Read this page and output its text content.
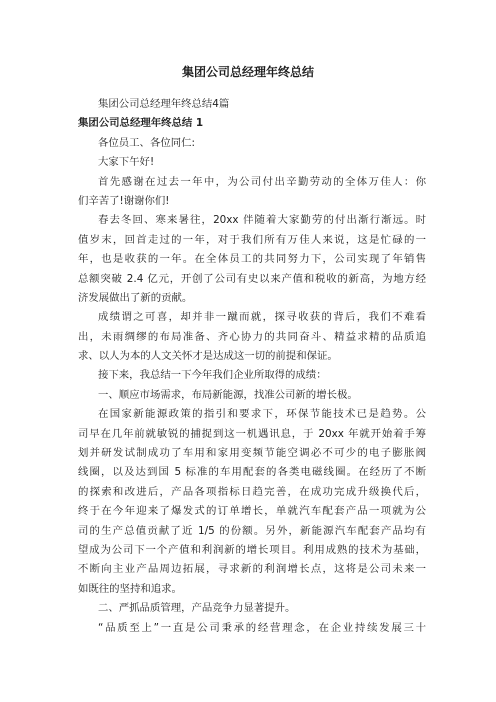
集团公司总经理年终总结
集团公司总经理年终总结4篇
集团公司总经理年终总结 1
各位员工、各位同仁:
大家下午好!
首先感谢在过去一年中，为公司付出辛勤劳动的全体万佳人：你
们辛苦了!谢谢你们!
春去冬回、寒来暑往，20xx 伴随着大家勤劳的付出渐行渐远。时
值岁末，回首走过的一年，对于我们所有万佳人来说，这是忙碌的一
年，也是收获的一年。在全体员工的共同努力下，公司实现了年销售
总额突破 2.4 亿元，开创了公司有史以来产值和税收的新高，为地方经
济发展做出了新的贡献。
成绩谓之可喜，却并非一蹴而就，探寻收获的背后，我们不难看
出，未雨绸缪的布局准备、齐心协力的共同奋斗、精益求精的品质追
求、以人为本的人文关怀才是达成这一切的前提和保证。
接下来，我总结一下今年我们企业所取得的成绩：
一、顺应市场需求，布局新能源，找准公司新的增长极。
在国家新能源政策的指引和要求下，环保节能技术已是趋势。公
司早在几年前就敏锐的捕捉到这一机遇讯息，于 20xx 年就开始着手筹
划并研发试制成功了车用和家用变频节能空调必不可少的电子膨胀阀
线圈，以及达到国 5 标准的车用配套的各类电磁线圈。在经历了不断
的探索和改进后，产品各项指标日趋完善，在成功完成升级换代后，
终于在今年迎来了爆发式的订单增长，单就汽车配套产品一项就为公
司的生产总值贡献了近 1/5 的份额。另外，新能源汽车配套产品均有
望成为公司下一个产值和利润新的增长项目。利用成熟的技术为基础，
不断向主业产品周边拓展，寻求新的利润增长点，这将是公司未来一
如既往的坚持和追求。
二、严抓品质管理，产品竞争力显著提升。
“品质至上”一直是公司秉承的经营理念，在企业持续发展三十
